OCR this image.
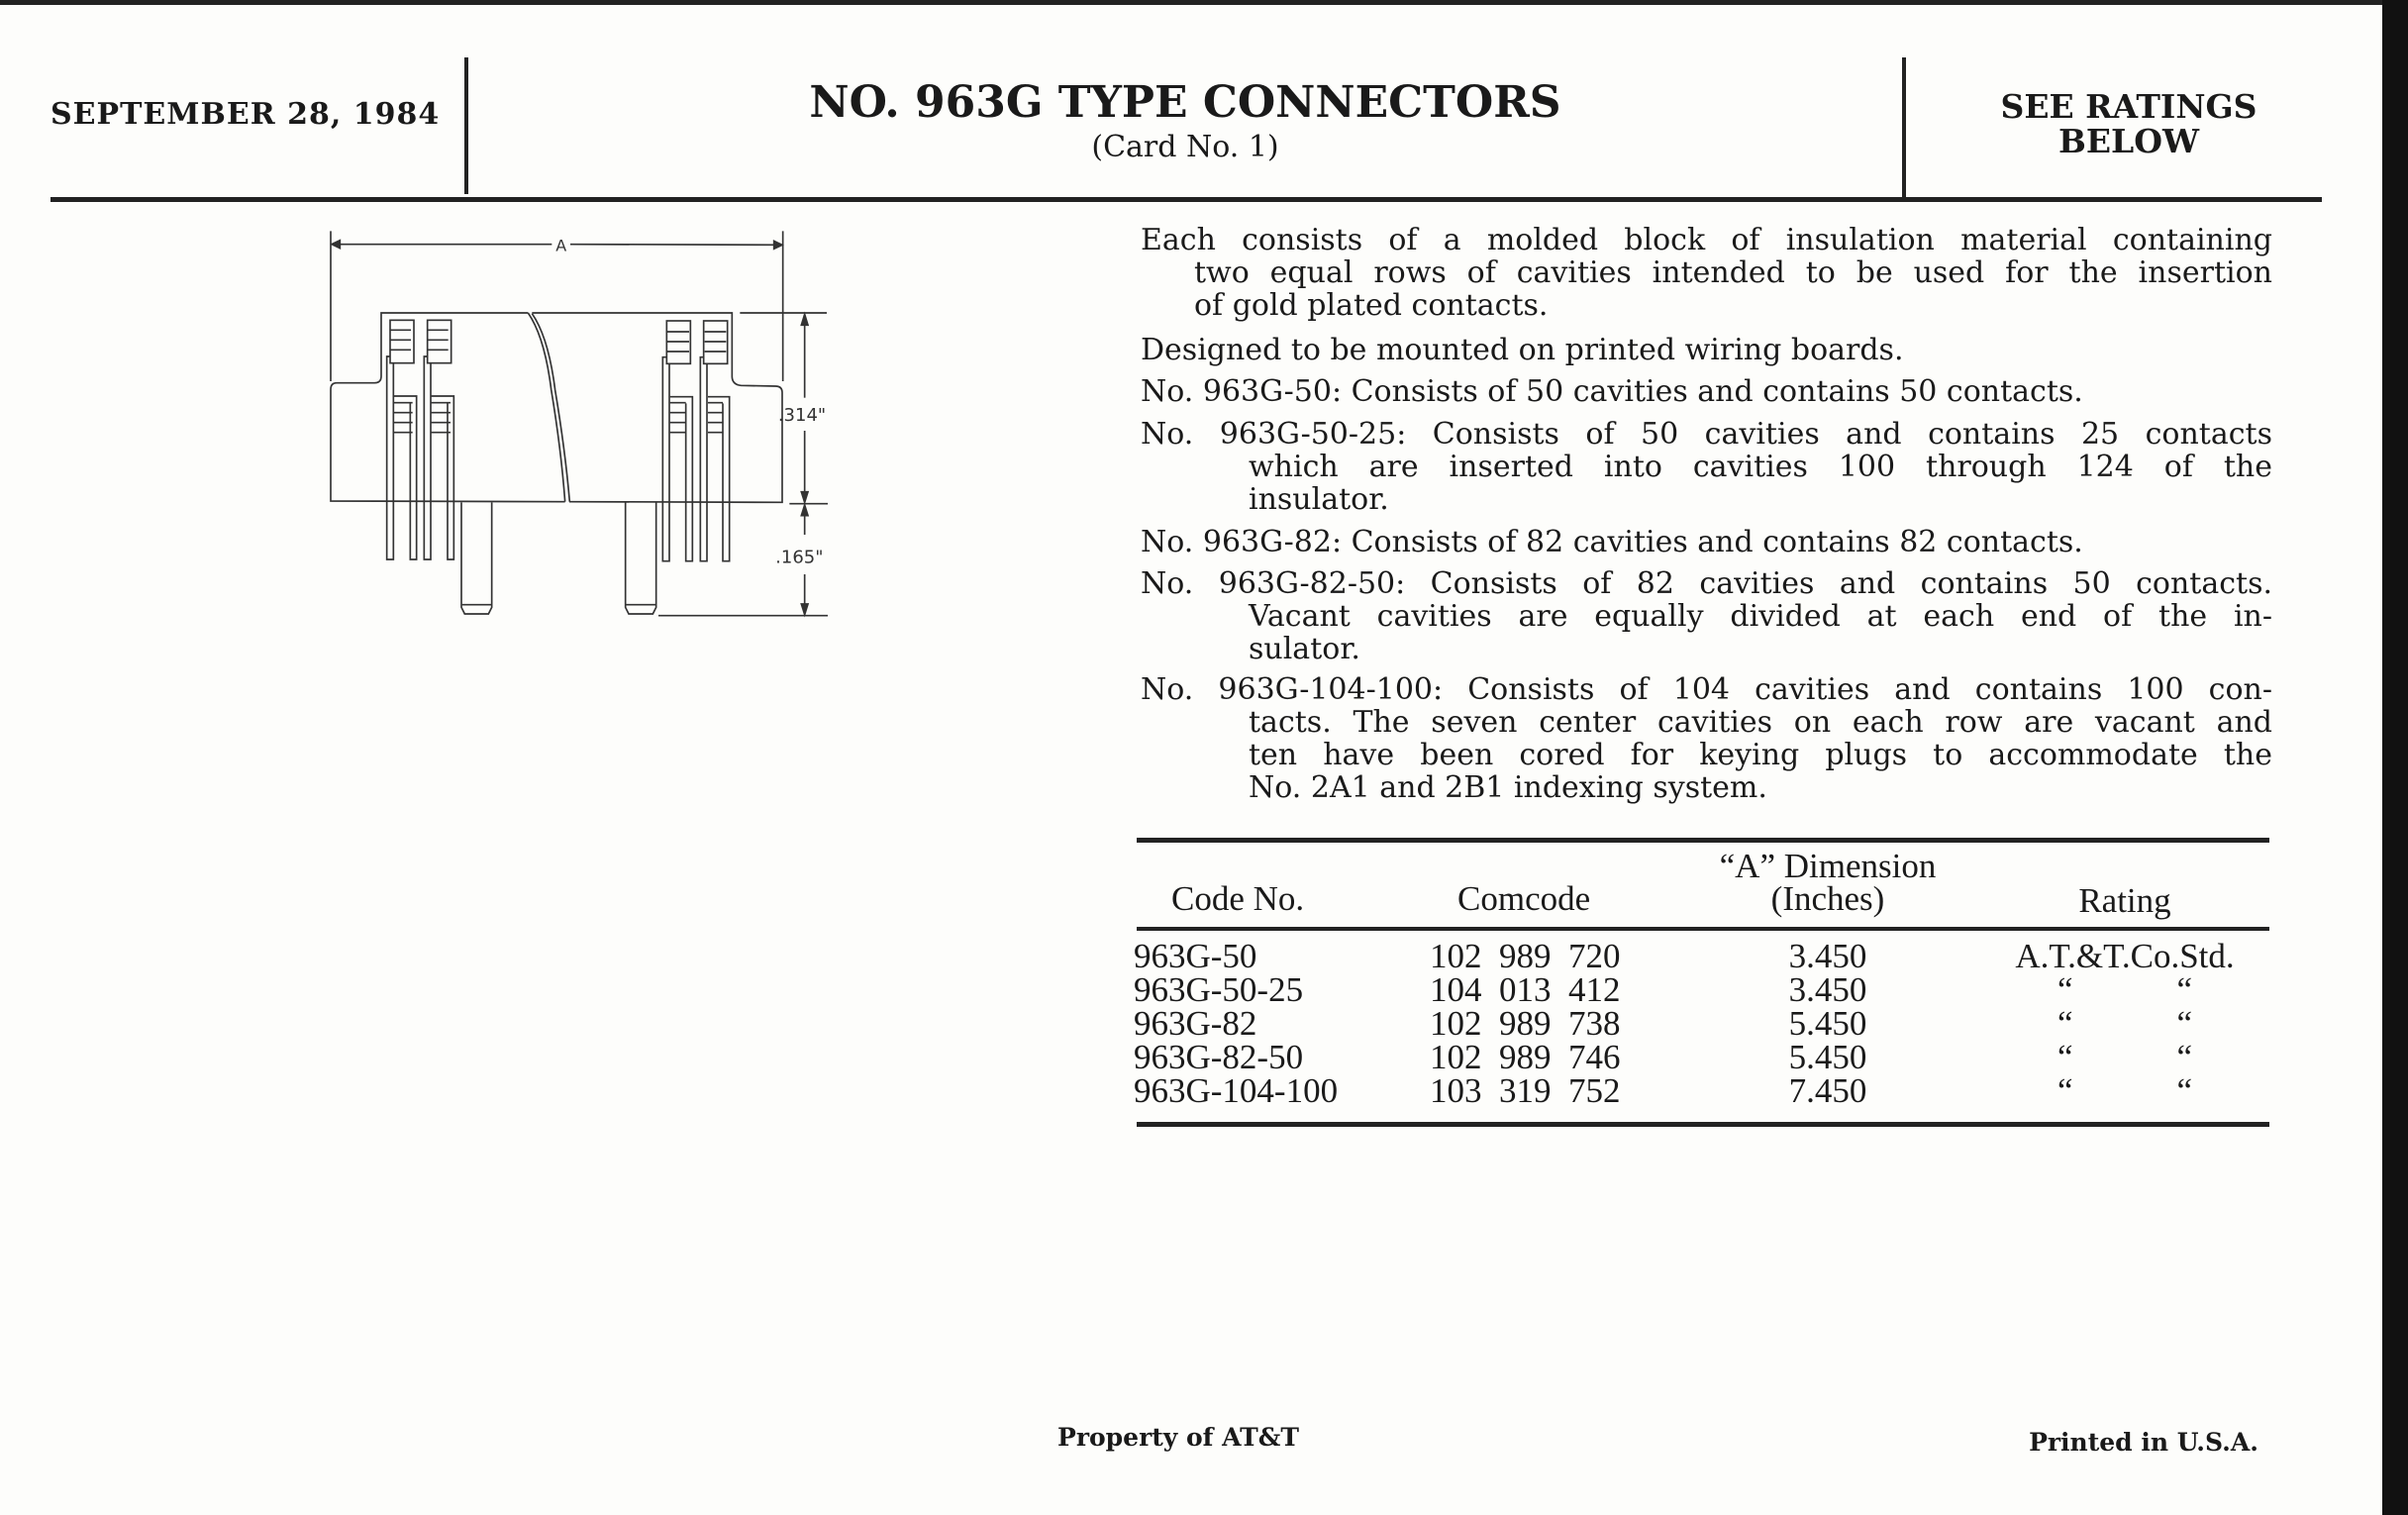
SEPTEMBER 28, 1984	NO. 963G TYPE CONNECTORS
(Card No. 1)
SEE RATINGS
BELOW
A
.314"
.165"
Each consists of a molded block of insulation material containing
two equal rows of cavities intended to be used for the insertion
of gold plated contacts.
Designed to be mounted on printed wiring boards.
No. 963G-50: Consists of 50 cavities and contains 50 contacts.
No. 963G-50-25: Consists of 50 cavities and contains 25 contacts
which are inserted into cavities 100 through 124 of the
insulator.
No. 963G-82: Consists of 82 cavities and contains 82 contacts.
No. 963G-82-50: Consists of 82 cavities and contains 50 contacts.
Vacant cavities are equally divided at each end of the in-
sulator.
No. 963G-104-100: Consists of 104 cavities and contains 100 con-
tacts. The seven center cavities on each row are vacant and
ten have been cored for keying plugs to accommodate the
No. 2A1 and 2B1 indexing system.
Code No.	Comcode
“A” Dimension
(Inches)	Rating
963G-50	102  989  720	3.450	A.T.&T.Co.Std.
963G-50-25	104  013  412	3.450	“            “
963G-82	102  989  738	5.450	“            “
963G-82-50	102  989  746	5.450	“            “
963G-104-100	103  319  752	7.450	“            “
Property of AT&T	Printed in U.S.A.
